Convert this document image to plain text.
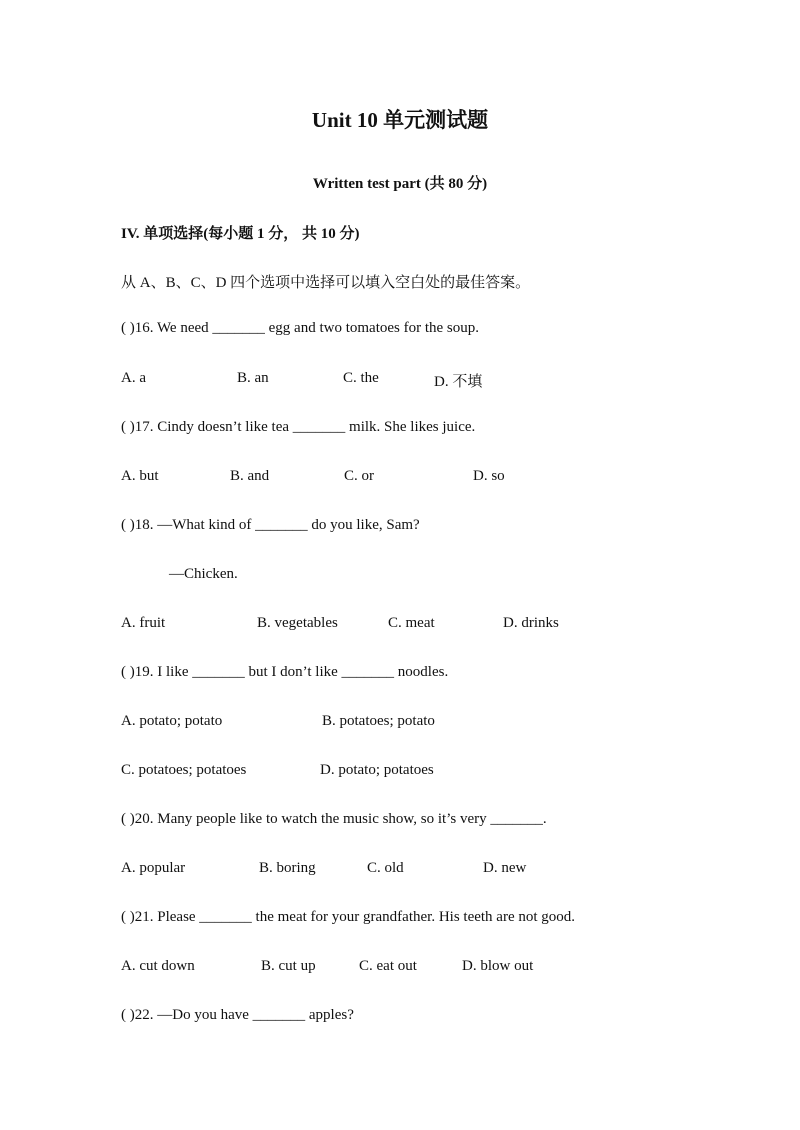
Unit 10 单元测试题
Written test part (共 80 分)
IV. 单项选择(每小题 1 分， 共 10 分)
从 A、B、C、D 四个选项中选择可以填入空白处的最佳答案。
( )16. We need _______ egg and two tomatoes for the soup.
A. a	B. an	C. the	D. 不填
( )17. Cindy doesn’t like tea _______ milk. She likes juice.
A. but	B. and	C. or	D. so
( )18. —What kind of _______ do you like, Sam?
—Chicken.
A. fruit	B. vegetables	C. meat	D. drinks
( )19. I like _______ but I don’t like _______ noodles.
A. potato; potato	B. potatoes; potato
C. potatoes; potatoes	D. potato; potatoes
( )20. Many people like to watch the music show, so it’s very _______.
A. popular	B. boring	C. old	D. new
( )21. Please _______ the meat for your grandfather. His teeth are not good.
A. cut down	B. cut up	C. eat out	D. blow out
( )22. —Do you have _______ apples?
